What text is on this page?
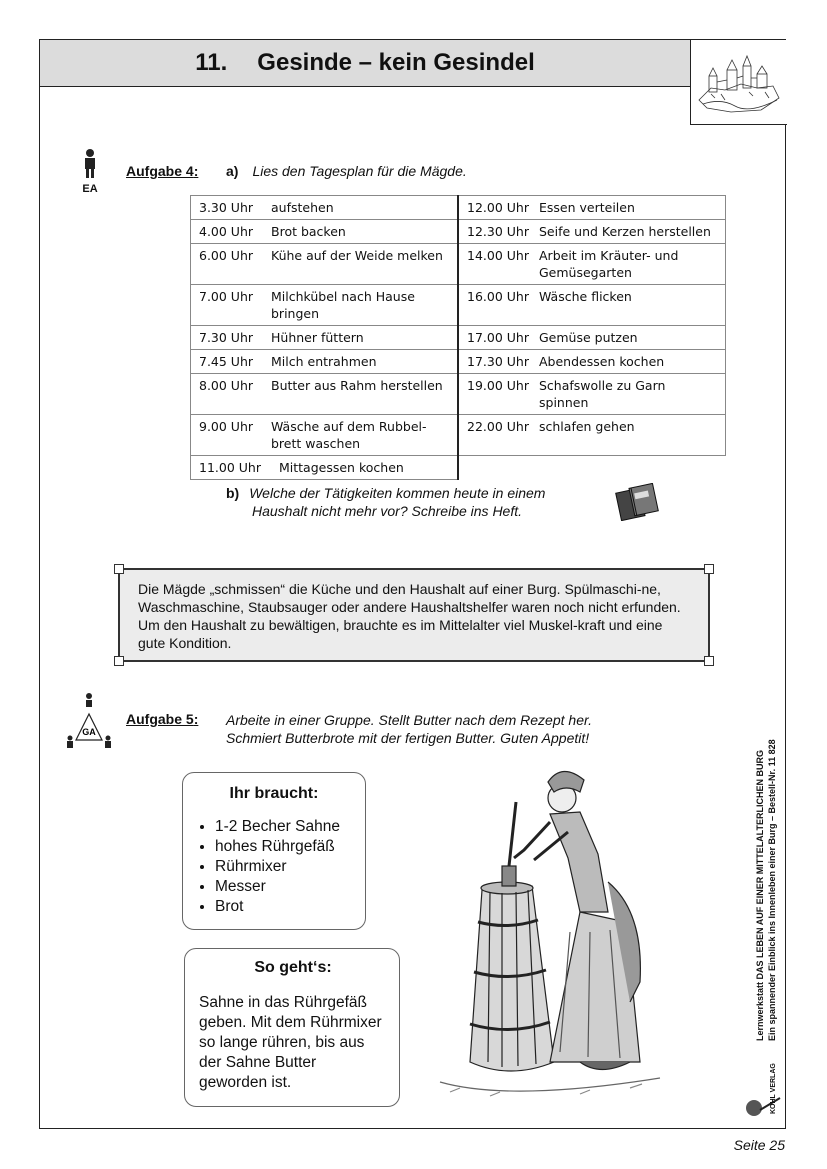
11. Gesinde – kein Gesindel
EA
Aufgabe 4: a) Lies den Tagesplan für die Mägde.
3.30 Uhr aufstehen	12.00 Uhr Essen verteilen

4.00 Uhr Brot backen	12.30 Uhr Seife und Kerzen herstellen

6.00 Uhr Kühe auf der Weide melken	14.00 Uhr Arbeit im Kräuter- und Gemüsegarten

7.00 Uhr Milchkübel nach Hause bringen	16.00 Uhr Wäsche flicken

7.30 Uhr Hühner füttern	17.00 Uhr Gemüse putzen

7.45 Uhr Milch entrahmen	17.30 Uhr Abendessen kochen

8.00 Uhr Butter aus Rahm herstellen	19.00 Uhr Schafswolle zu Garn spinnen

9.00 Uhr Wäsche auf dem Rubbel-brett waschen	22.00 Uhr schlafen gehen

11.00 Uhr Mittagessen kochen	

b) Welche der Tätigkeiten kommen heute in einem
Haushalt nicht mehr vor? Schreibe ins Heft.
Die Mägde „schmissen“ die Küche und den Haushalt auf einer Burg. Spülmaschi-ne, Waschmaschine, Staubsauger oder andere Haushaltshelfer waren noch nicht erfunden. Um den Haushalt zu bewältigen, brauchte es im Mittelalter viel Muskel-kraft und eine gute Kondition.
GA
Aufgabe 5: Arbeite in einer Gruppe. Stellt Butter nach dem Rezept her.
Schmiert Butterbrote mit der fertigen Butter. Guten Appetit!
Ihr braucht:
• 1-2 Becher Sahne
• hohes Rührgefäß
• Rührmixer
• Messer
• Brot
So geht‘s:

Sahne in das Rührgefäß geben. Mit dem Rührmixer so lange rühren, bis aus der Sahne Butter geworden ist.

Lernwerkstatt DAS LEBEN AUF EINER MITTELALTERLICHEN BURG Ein spannender Einblick ins Innenleben einer Burg – Bestell-Nr. 11 828
KOHL VERLAG
Seite 25
